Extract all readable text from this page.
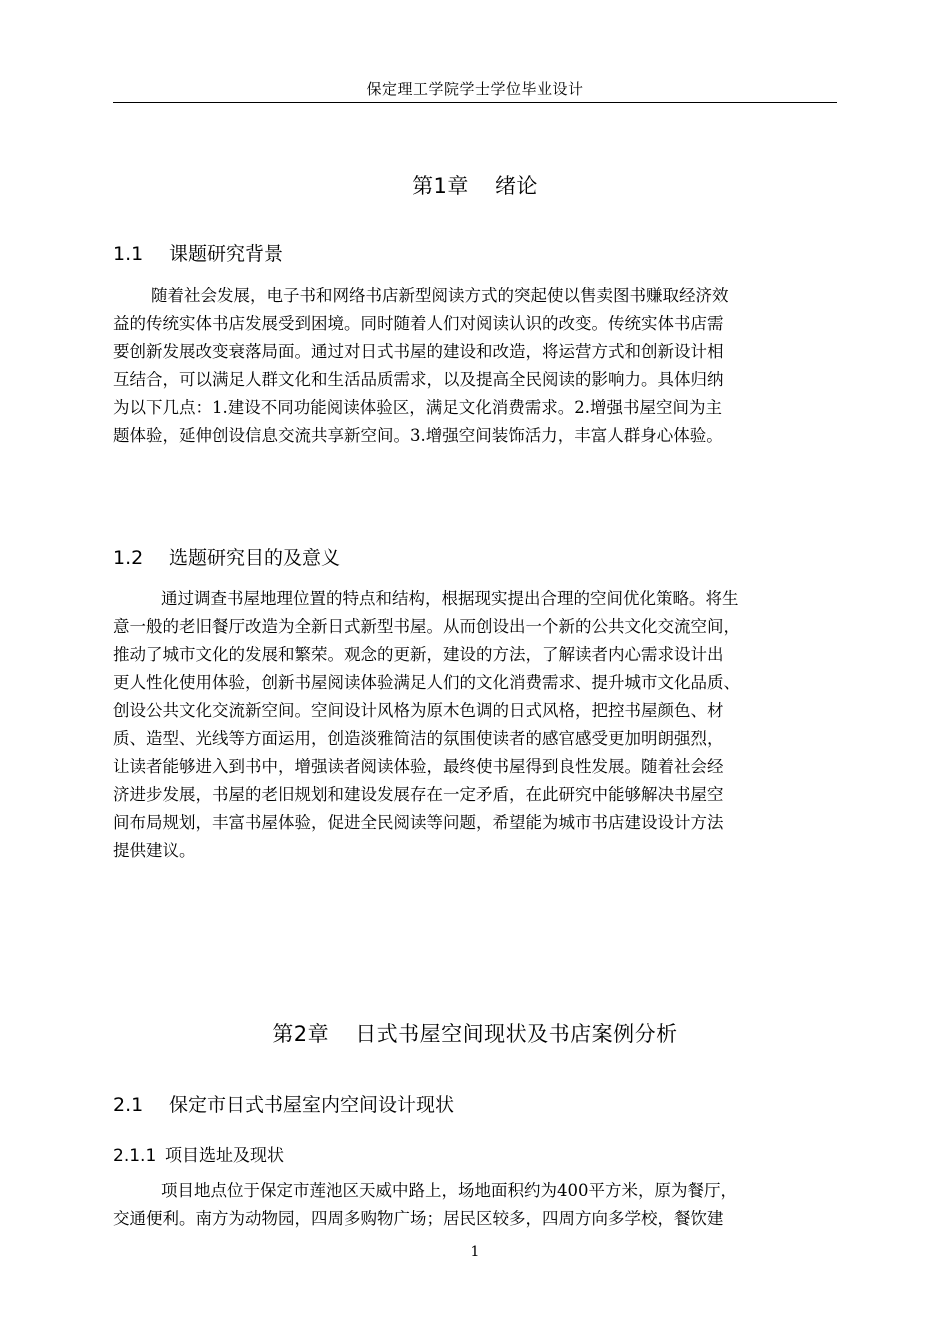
保定理工学院学士学位毕业设计
第1章 绪论
1.1 课题研究背景
随着社会发展，电子书和网络书店新型阅读方式的突起使以售卖图书赚取经济效
益的传统实体书店发展受到困境。同时随着人们对阅读认识的改变。传统实体书店需
要创新发展改变衰落局面。通过对日式书屋的建设和改造，将运营方式和创新设计相
互结合，可以满足人群文化和生活品质需求，以及提高全民阅读的影响力。具体归纳
为以下几点：1.建设不同功能阅读体验区，满足文化消费需求。2.增强书屋空间为主
题体验，延伸创设信息交流共享新空间。3.增强空间装饰活力，丰富人群身心体验。
1.2 选题研究目的及意义
通过调查书屋地理位置的特点和结构，根据现实提出合理的空间优化策略。将生
意一般的老旧餐厅改造为全新日式新型书屋。从而创设出一个新的公共文化交流空间，
推动了城市文化的发展和繁荣。观念的更新，建设的方法，了解读者内心需求设计出
更人性化使用体验，创新书屋阅读体验满足人们的文化消费需求、提升城市文化品质、
创设公共文化交流新空间。空间设计风格为原木色调的日式风格，把控书屋颜色、材
质、造型、光线等方面运用，创造淡雅简洁的氛围使读者的感官感受更加明朗强烈，
让读者能够进入到书中，增强读者阅读体验，最终使书屋得到良性发展。随着社会经
济进步发展，书屋的老旧规划和建设发展存在一定矛盾，在此研究中能够解决书屋空
间布局规划，丰富书屋体验，促进全民阅读等问题，希望能为城市书店建设设计方法
提供建议。
第2章 日式书屋空间现状及书店案例分析
2.1 保定市日式书屋室内空间设计现状
2.1.1 项目选址及现状
项目地点位于保定市莲池区天威中路上，场地面积约为400平方米，原为餐厅，
交通便利。南方为动物园，四周多购物广场；居民区较多，四周方向多学校，餐饮建
1
